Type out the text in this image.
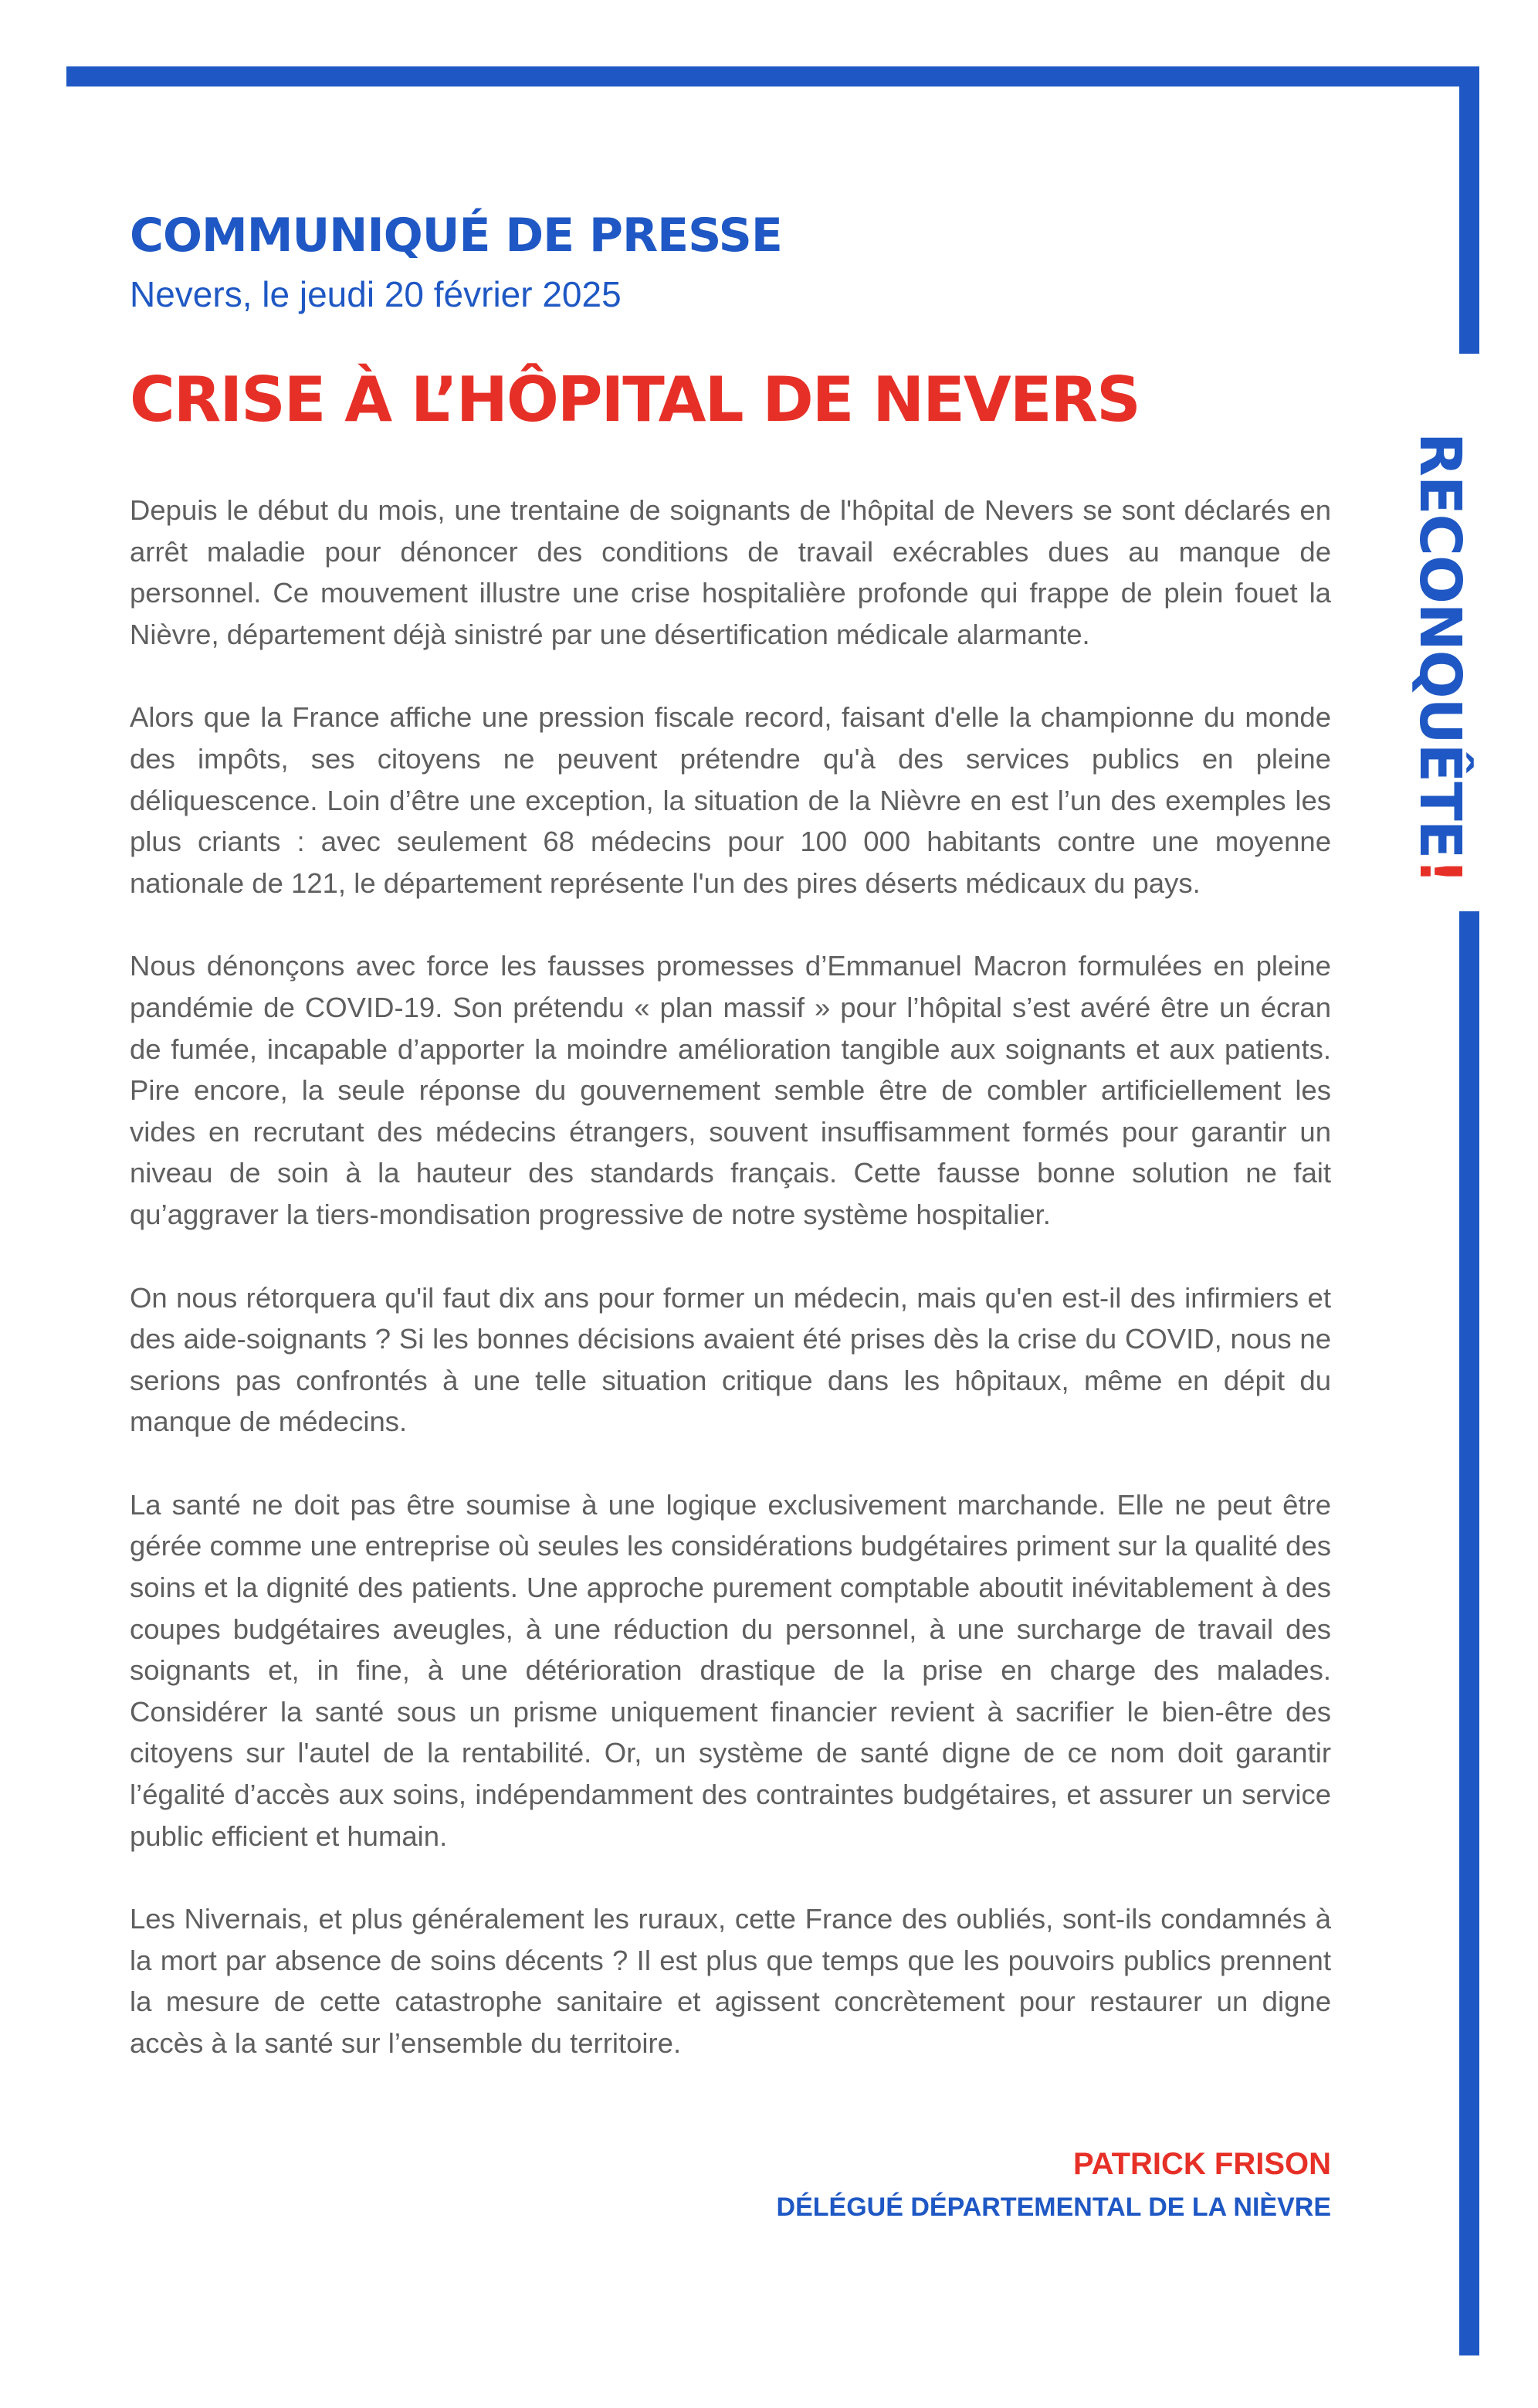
RECONQUÊTE!
COMMUNIQUÉ DE PRESSE
Nevers, le jeudi 20 février 2025
CRISE À L’HÔPITAL DE NEVERS

Depuis le début du mois, une trentaine de soignants de l'hôpital de Nevers se sont déclarés en arrêt maladie pour dénoncer des conditions de travail exécrables dues au manque de personnel. Ce mouvement illustre une crise hospitalière profonde qui frappe de plein fouet la Nièvre, département déjà sinistré par une désertification médicale alarmante.

Alors que la France affiche une pression fiscale record, faisant d'elle la championne du monde des impôts, ses citoyens ne peuvent prétendre qu'à des services publics en pleine déliquescence. Loin d’être une exception, la situation de la Nièvre en est l’un des exemples les plus criants : avec seulement 68 médecins pour 100 000 habitants contre une moyenne nationale de 121, le département représente l'un des pires déserts médicaux du pays.

Nous dénonçons avec force les fausses promesses d’Emmanuel Macron formulées en pleine pandémie de COVID-19. Son prétendu « plan massif » pour l’hôpital s’est avéré être un écran de fumée, incapable d’apporter la moindre amélioration tangible aux soignants et aux patients. Pire encore, la seule réponse du gouvernement semble être de combler artificiellement les vides en recrutant des médecins étrangers, souvent insuffisamment formés pour garantir un niveau de soin à la hauteur des standards français. Cette fausse bonne solution ne fait qu’aggraver la tiers-mondisation progressive de notre système hospitalier.

On nous rétorquera qu'il faut dix ans pour former un médecin, mais qu'en est-il des infirmiers et des aide-soignants ? Si les bonnes décisions avaient été prises dès la crise du COVID, nous ne serions pas confrontés à une telle situation critique dans les hôpitaux, même en dépit du manque de médecins.

La santé ne doit pas être soumise à une logique exclusivement marchande. Elle ne peut être gérée comme une entreprise où seules les considérations budgétaires priment sur la qualité des soins et la dignité des patients. Une approche purement comptable aboutit inévitablement à des coupes budgétaires aveugles, à une réduction du personnel, à une surcharge de travail des soignants et, in fine, à une détérioration drastique de la prise en charge des malades. Considérer la santé sous un prisme uniquement financier revient à sacrifier le bien-être des citoyens sur l'autel de la rentabilité. Or, un système de santé digne de ce nom doit garantir l’égalité d’accès aux soins, indépendamment des contraintes budgétaires, et assurer un service public efficient et humain.

Les Nivernais, et plus généralement les ruraux, cette France des oubliés, sont-ils condamnés à la mort par absence de soins décents ? Il est plus que temps que les pouvoirs publics prennent la mesure de cette catastrophe sanitaire et agissent concrètement pour restaurer un digne accès à la santé sur l’ensemble du territoire.

PATRICK FRISON
DÉLÉGUÉ DÉPARTEMENTAL DE LA NIÈVRE
